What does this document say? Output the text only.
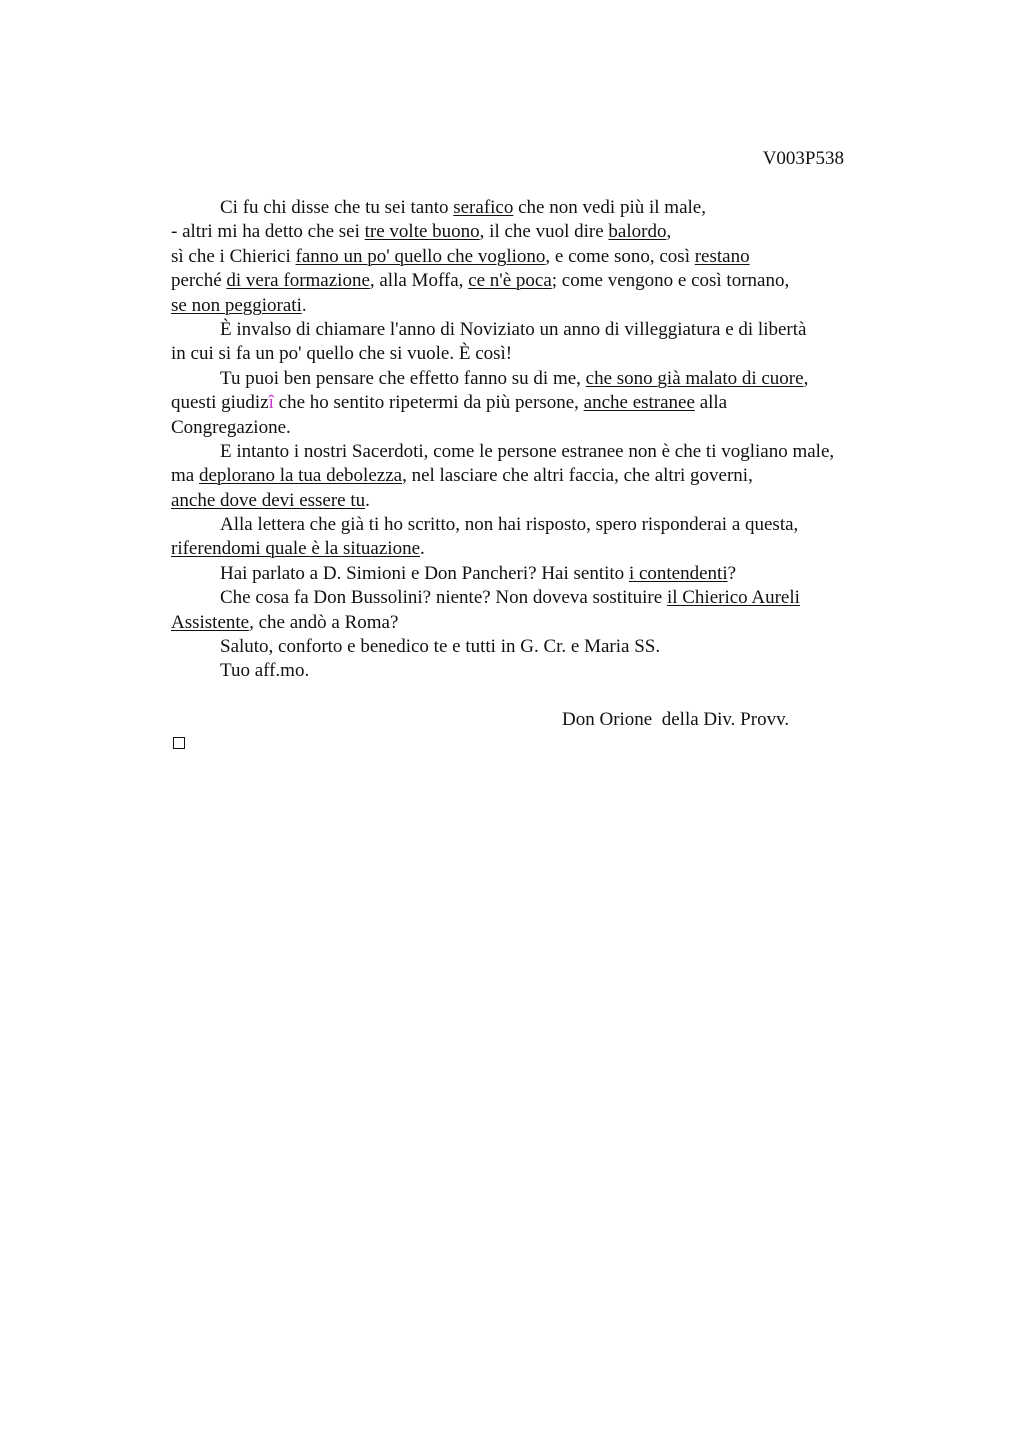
V003P538
Ci fu chi disse che tu sei tanto serafico che non vedi più il male,
- altri mi ha detto che sei tre volte buono, il che vuol dire balordo,
sì che i Chierici fanno un po' quello che vogliono, e come sono, così restano
perché di vera formazione, alla Moffa, ce n'è poca; come vengono e così tornano,
se non peggiorati.
È invalso di chiamare l'anno di Noviziato un anno di villeggiatura e di libertà
in cui si fa un po' quello che si vuole. È così!
Tu puoi ben pensare che effetto fanno su di me, che sono già malato di cuore,
questi giudizî che ho sentito ripetermi da più persone, anche estranee alla
Congregazione.
E intanto i nostri Sacerdoti, come le persone estranee non è che ti vogliano male,
ma deplorano la tua debolezza, nel lasciare che altri faccia, che altri governi,
anche dove devi essere tu.
Alla lettera che già ti ho scritto, non hai risposto, spero risponderai a questa,
riferendomi quale è la situazione.
Hai parlato a D. Simioni e Don Pancheri? Hai sentito i contendenti?
Che cosa fa Don Bussolini? niente? Non doveva sostituire il Chierico Aureli
Assistente, che andò a Roma?
Saluto, conforto e benedico te e tutti in G. Cr. e Maria SS.
Tuo aff.mo.
Don Orione  della Div. Provv.
